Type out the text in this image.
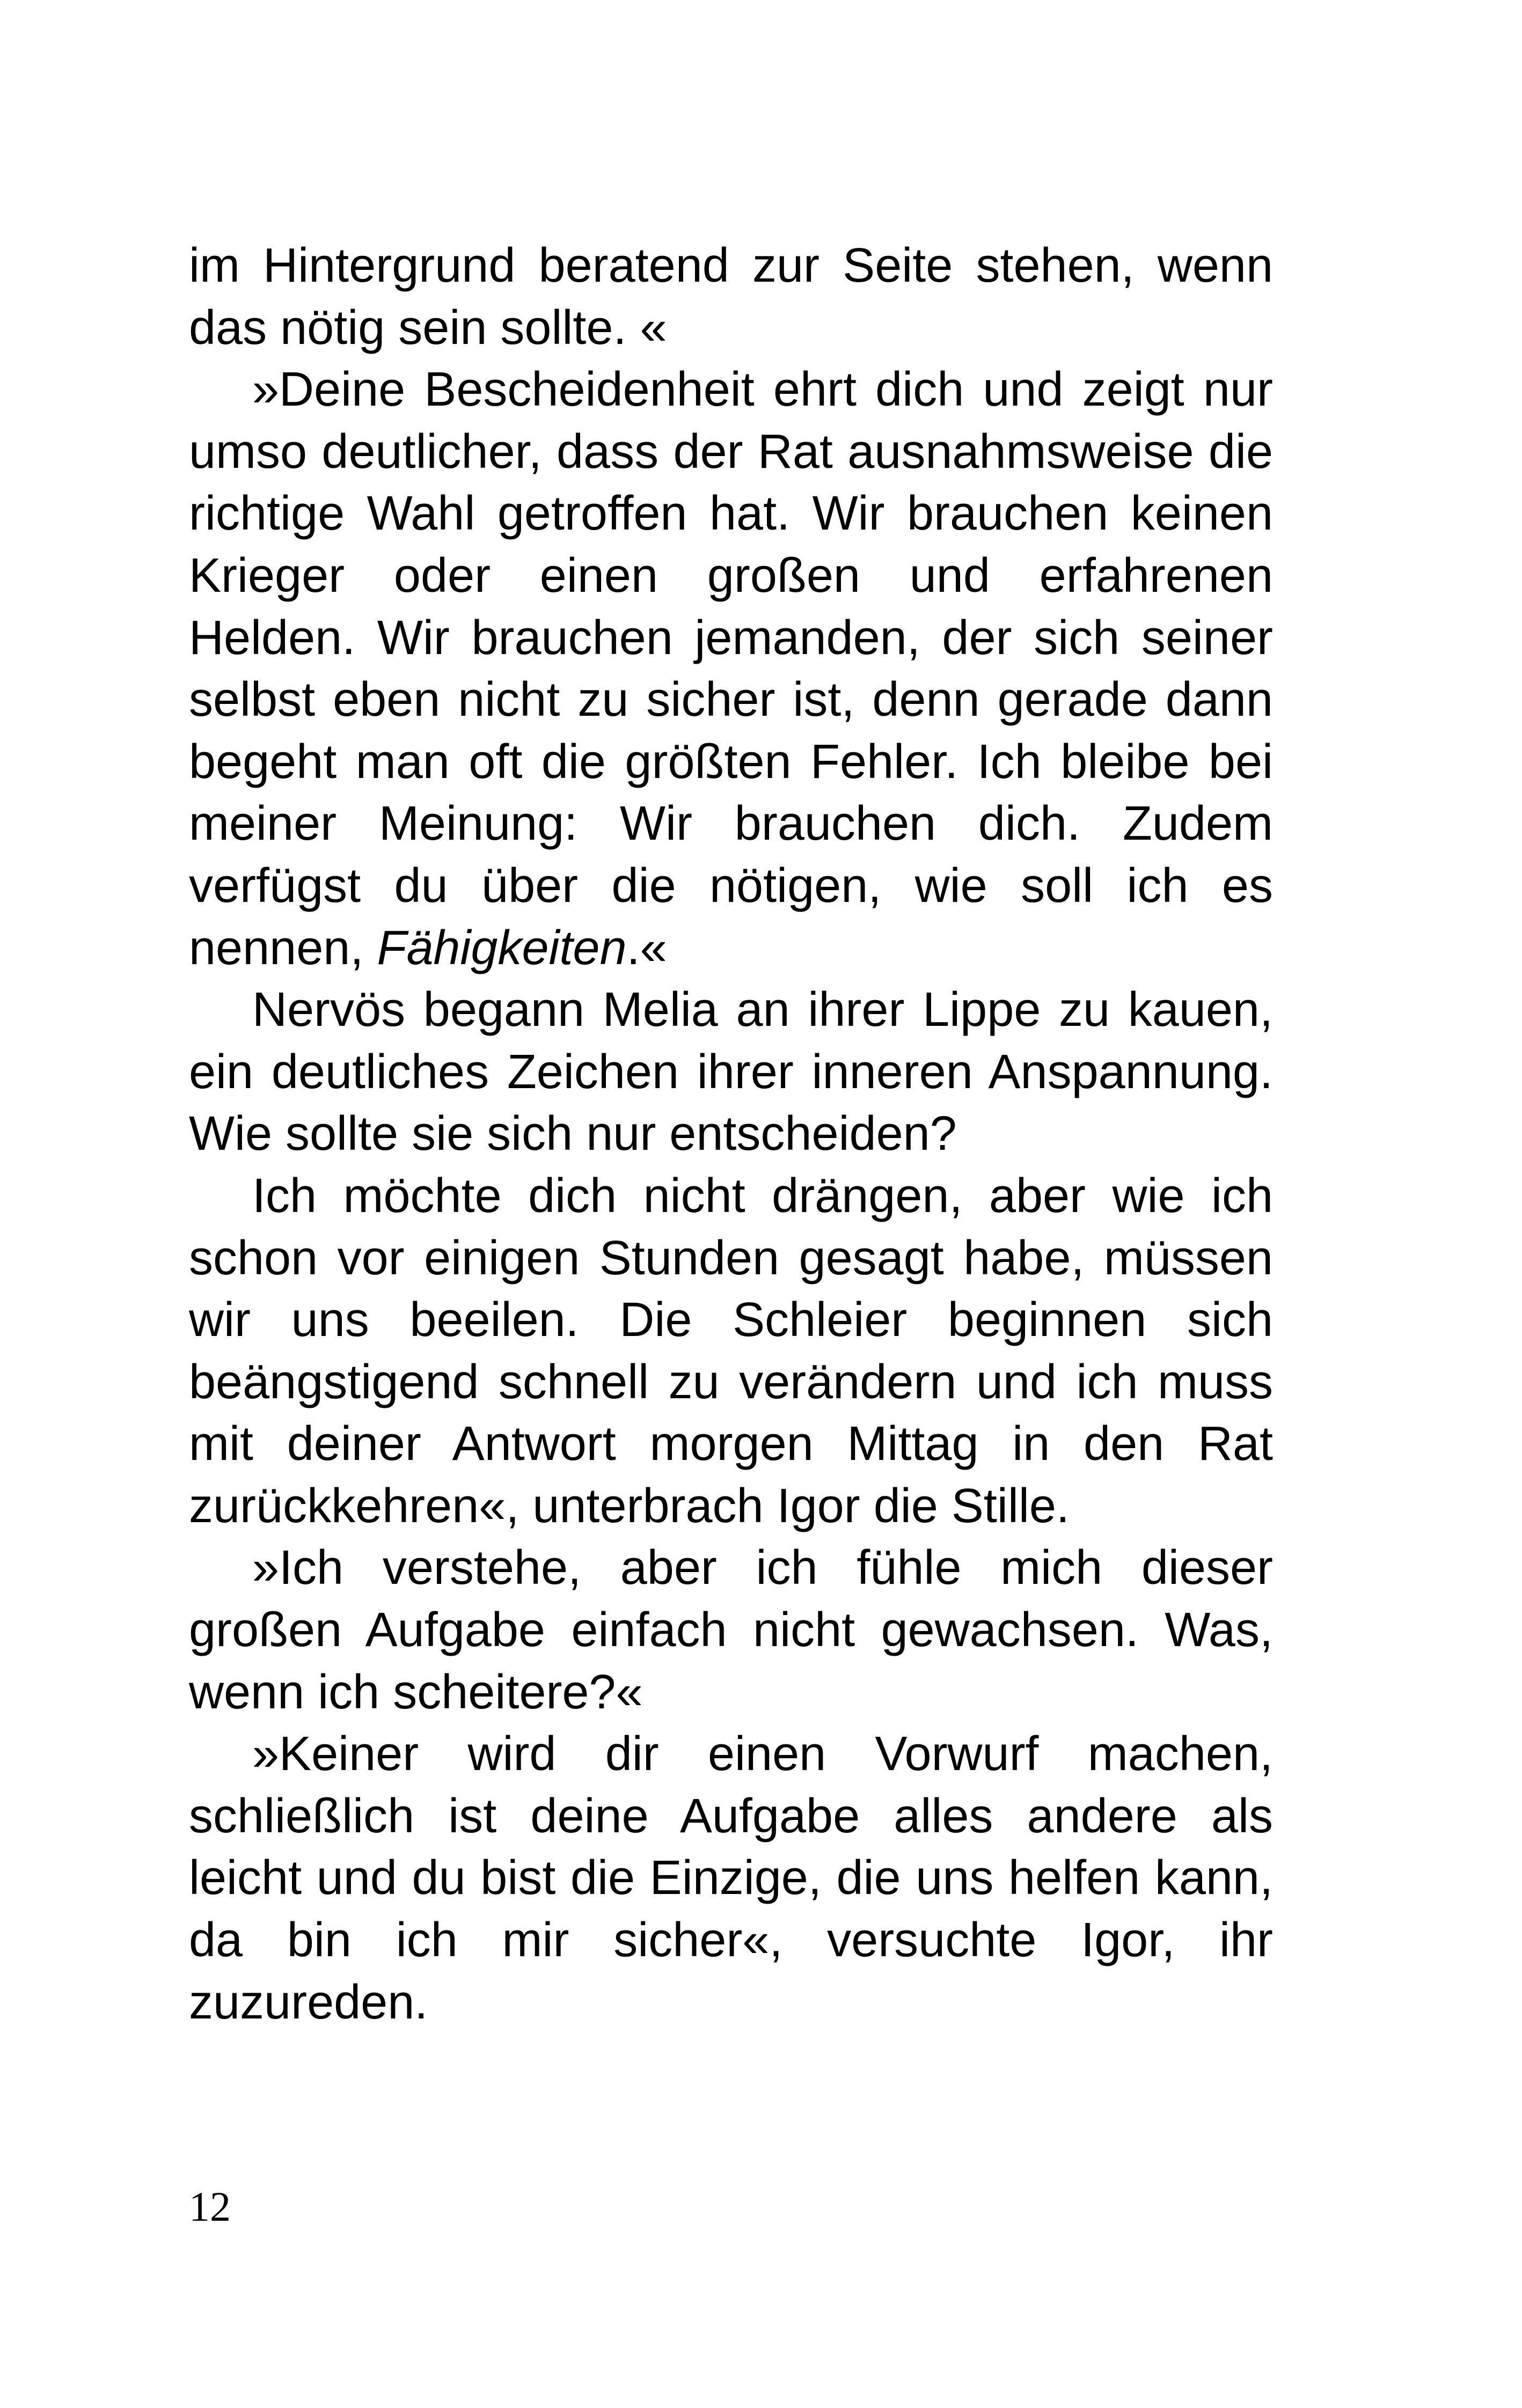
im Hintergrund beratend zur Seite stehen, wenn das nötig sein sollte. «

»Deine Bescheidenheit ehrt dich und zeigt nur umso deutlicher, dass der Rat ausnahmsweise die richtige Wahl getroffen hat. Wir brauchen keinen Krieger oder einen großen und erfahrenen Helden. Wir brauchen jemanden, der sich seiner selbst eben nicht zu sicher ist, denn gerade dann begeht man oft die größten Fehler. Ich bleibe bei meiner Meinung: Wir brauchen dich. Zudem verfügst du über die nötigen, wie soll ich es nennen, Fähigkeiten.«

Nervös begann Melia an ihrer Lippe zu kauen, ein deutliches Zeichen ihrer inneren Anspannung. Wie sollte sie sich nur entscheiden?

Ich möchte dich nicht drängen, aber wie ich schon vor einigen Stunden gesagt habe, müssen wir uns beeilen. Die Schleier beginnen sich beängstigend schnell zu verändern und ich muss mit deiner Antwort morgen Mittag in den Rat zurückkehren«, unterbrach Igor die Stille.

»Ich verstehe, aber ich fühle mich dieser großen Aufgabe einfach nicht gewachsen. Was, wenn ich scheitere?«

»Keiner wird dir einen Vorwurf machen, schließlich ist deine Aufgabe alles andere als leicht und du bist die Einzige, die uns helfen kann, da bin ich mir sicher«, versuchte Igor, ihr zuzureden.

12
